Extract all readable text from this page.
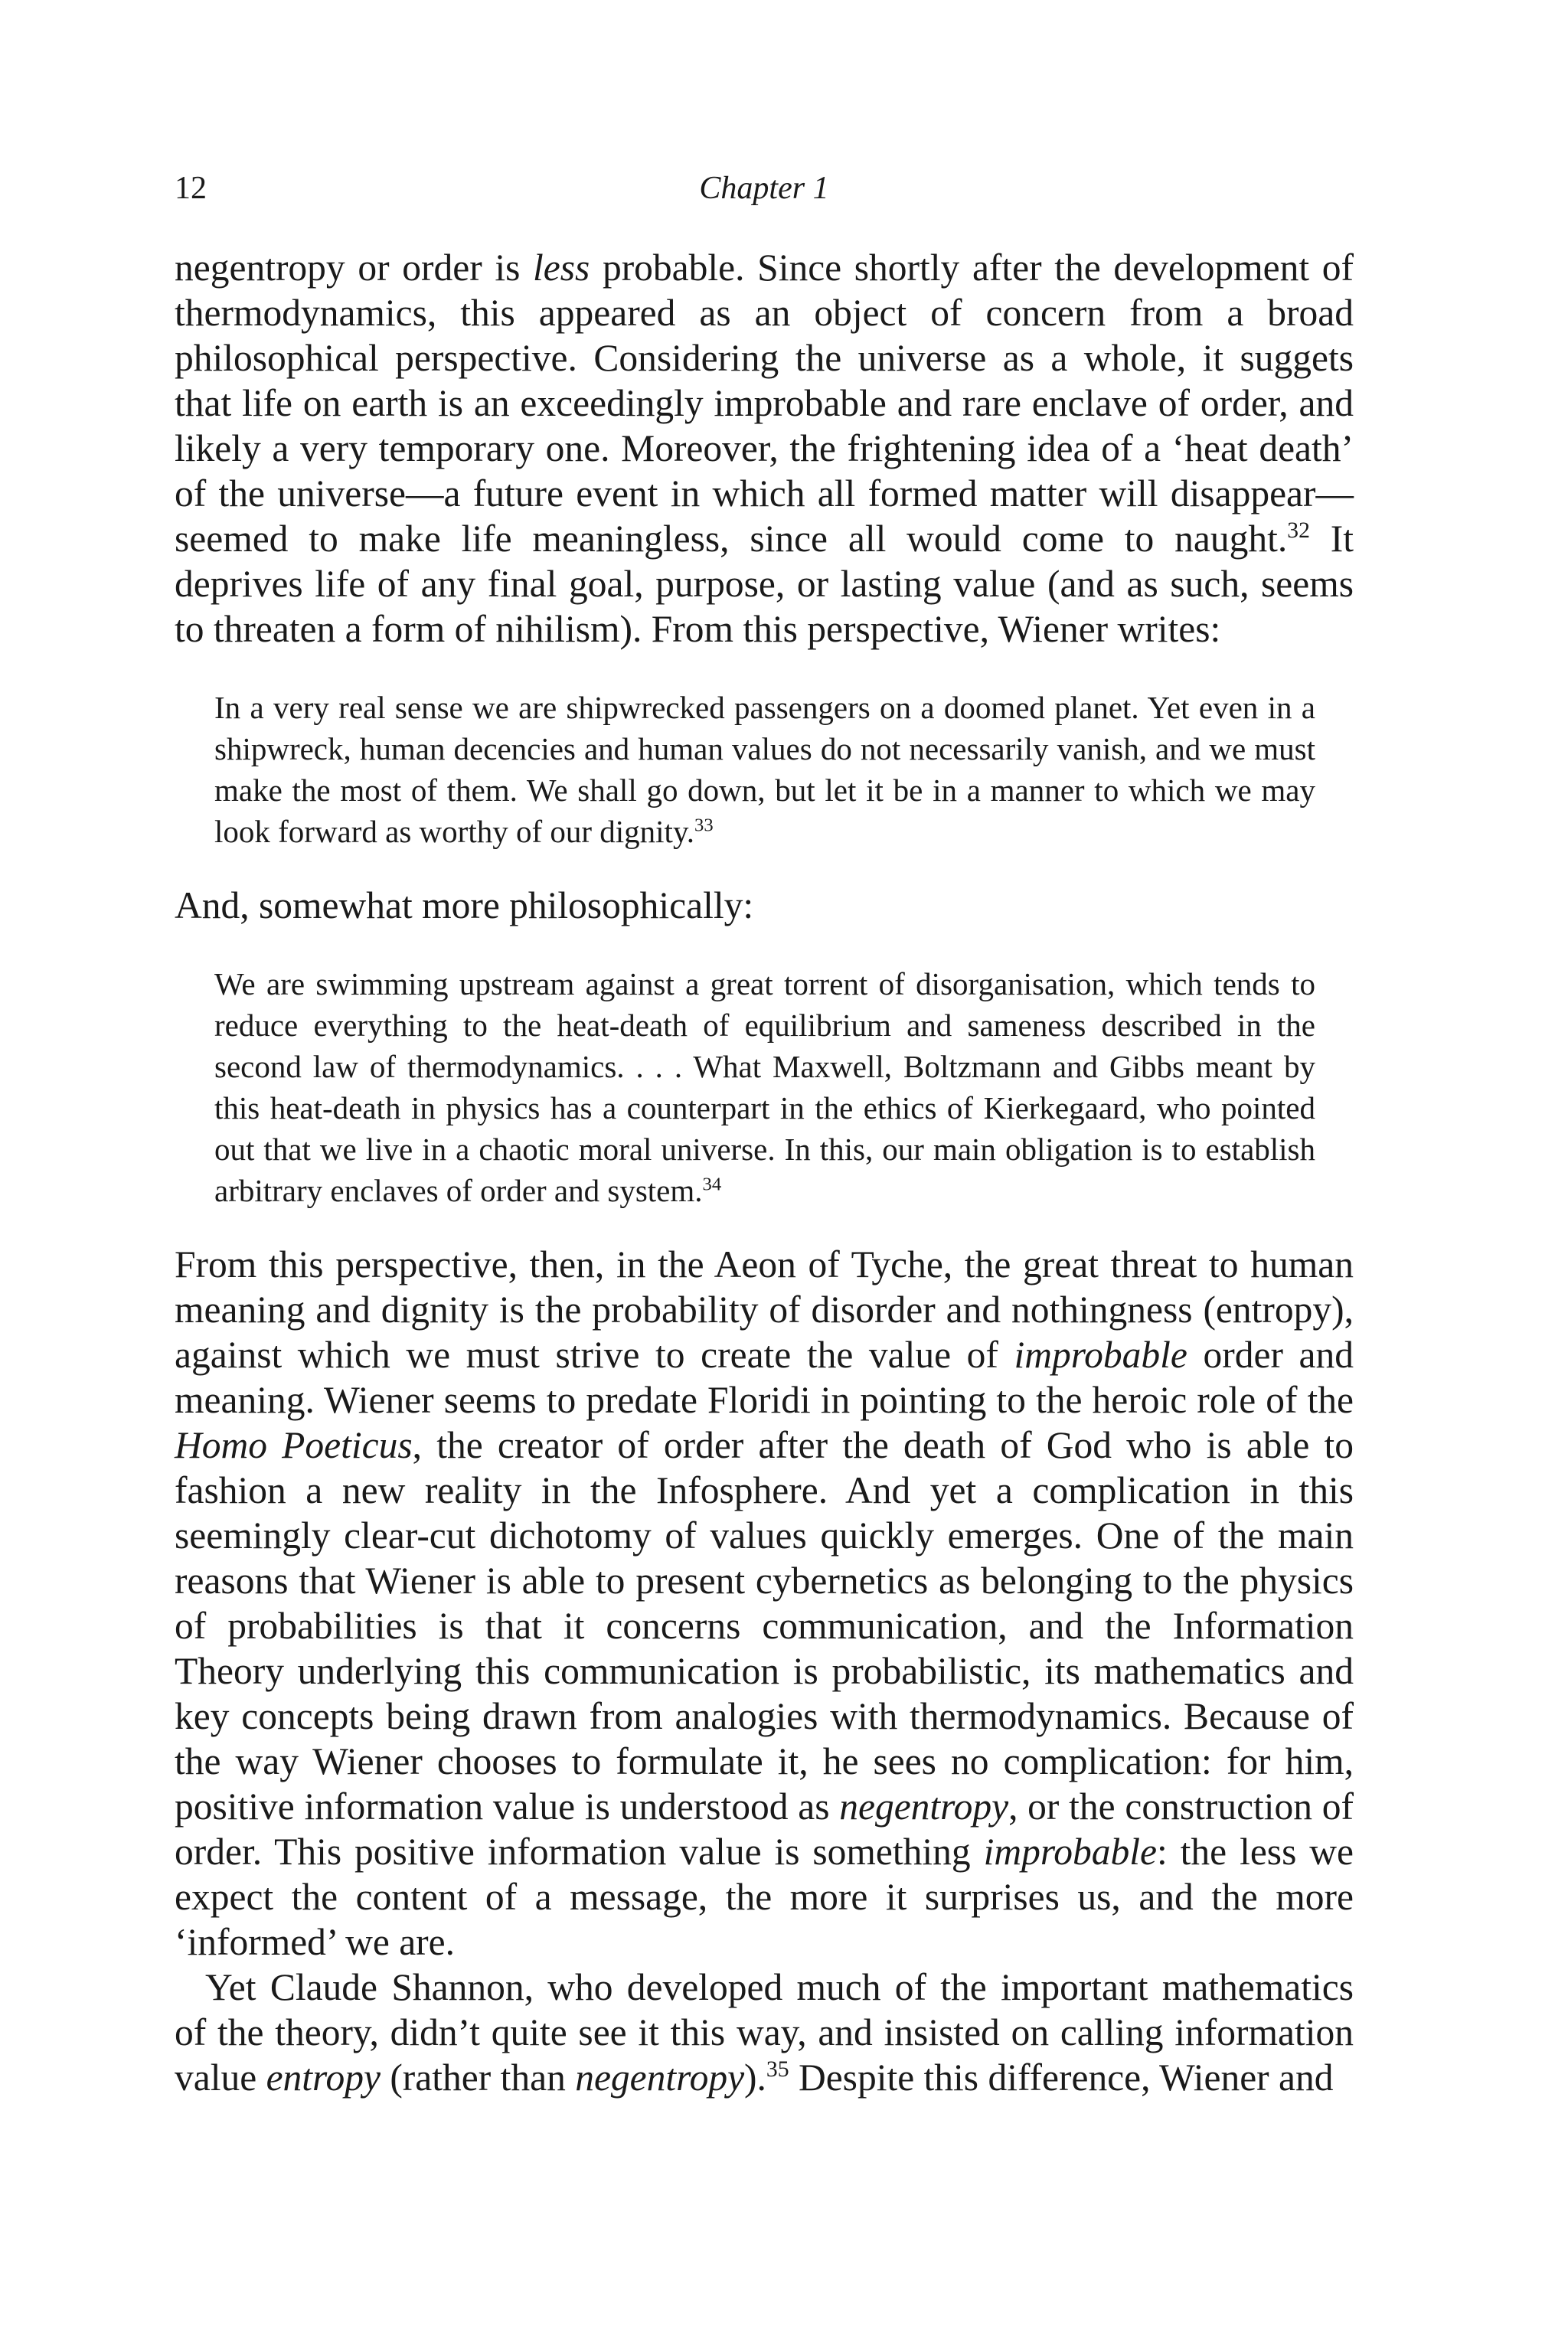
12	Chapter 1

negentropy or order is less probable. Since shortly after the development of thermodynamics, this appeared as an object of concern from a broad philosophical perspective. Considering the universe as a whole, it suggets that life on earth is an exceedingly improbable and rare enclave of order, and likely a very temporary one. Moreover, the frightening idea of a ‘heat death’ of the universe—a future event in which all formed matter will disappear—seemed to make life meaningless, since all would come to naught.$^{32}$ It deprives life of any final goal, purpose, or lasting value (and as such, seems to threaten a form of nihilism). From this perspective, Wiener writes:

In a very real sense we are shipwrecked passengers on a doomed planet. Yet even in a shipwreck, human decencies and human values do not necessarily vanish, and we must make the most of them. We shall go down, but let it be in a manner to which we may look forward as worthy of our dignity.$^{33}$

And, somewhat more philosophically:

We are swimming upstream against a great torrent of disorganisation, which tends to reduce everything to the heat-death of equilibrium and sameness described in the second law of thermodynamics. . . . What Maxwell, Boltzmann and Gibbs meant by this heat-death in physics has a counterpart in the ethics of Kierkegaard, who pointed out that we live in a chaotic moral universe. In this, our main obligation is to establish arbitrary enclaves of order and system.$^{34}$

From this perspective, then, in the Aeon of Tyche, the great threat to human meaning and dignity is the probability of disorder and nothingness (entropy), against which we must strive to create the value of improbable order and meaning. Wiener seems to predate Floridi in pointing to the heroic role of the Homo Poeticus, the creator of order after the death of God who is able to fashion a new reality in the Infosphere. And yet a complication in this seemingly clear-cut dichotomy of values quickly emerges. One of the main reasons that Wiener is able to present cybernetics as belonging to the physics of probabilities is that it concerns communication, and the Information Theory underlying this communication is probabilistic, its mathematics and key concepts being drawn from analogies with thermodynamics. Because of the way Wiener chooses to formulate it, he sees no complication: for him, positive information value is understood as negentropy, or the construction of order. This positive information value is something improbable: the less we expect the content of a message, the more it surprises us, and the more ‘informed’ we are.

Yet Claude Shannon, who developed much of the important mathematics of the theory, didn’t quite see it this way, and insisted on calling information value entropy (rather than negentropy).$^{35}$ Despite this difference, Wiener and
